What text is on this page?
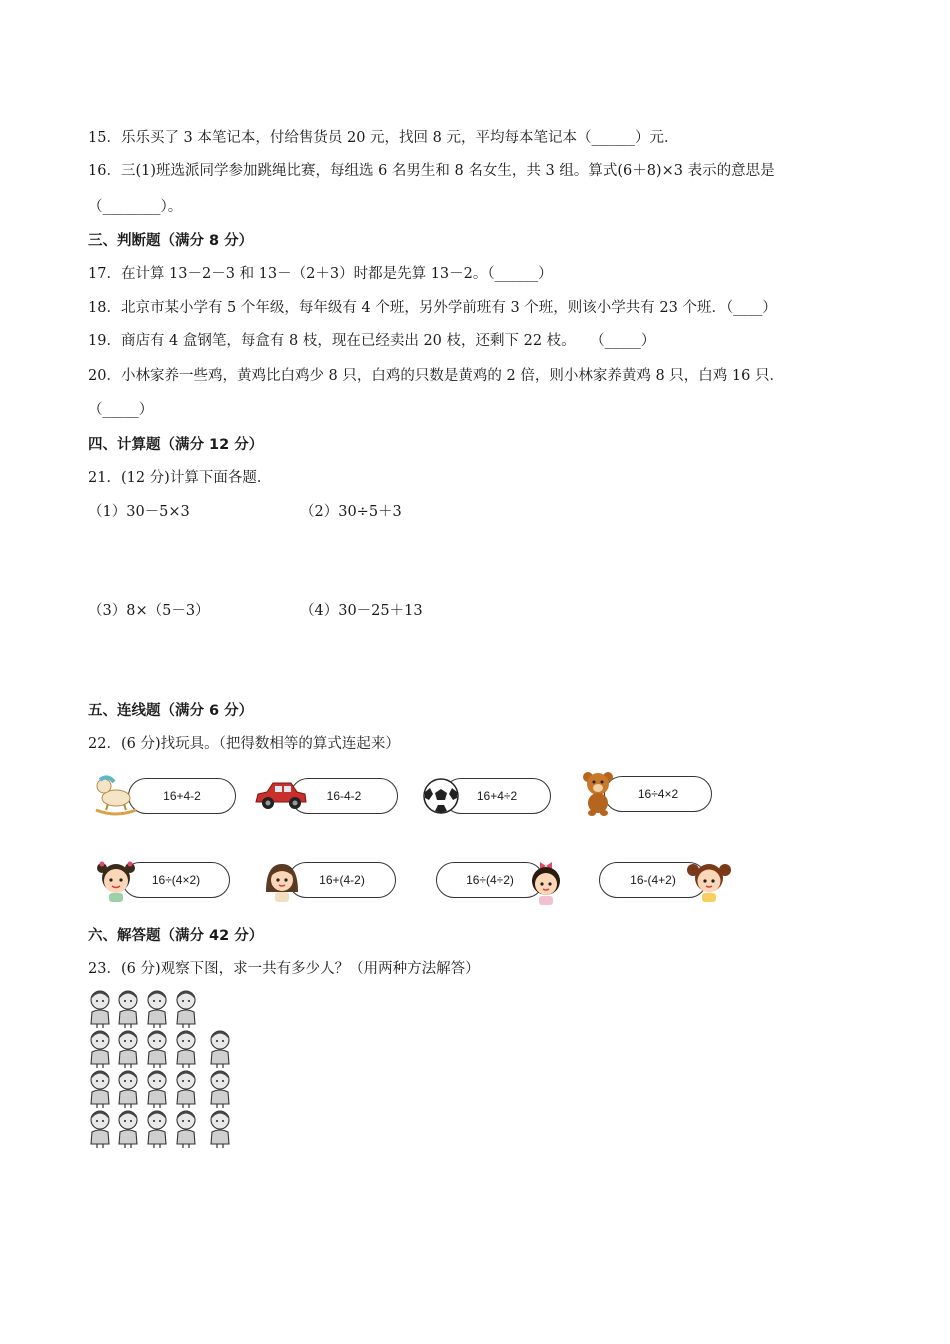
15．乐乐买了 3 本笔记本，付给售货员 20 元，找回 8 元，平均每本笔记本（______）元．
16．三(1)班选派同学参加跳绳比赛，每组选 6 名男生和 8 名女生，共 3 组。算式(6＋8)×3 表示的意思是
（________）。
三、判断题（满分 8 分）
17．在计算 13－2－3 和 13－（2＋3）时都是先算 13－2。（______）
18．北京市某小学有 5 个年级，每年级有 4 个班，另外学前班有 3 个班，则该小学共有 23 个班．（____）
19．商店有 4 盒钢笔，每盒有 8 枝，现在已经卖出 20 枝，还剩下 22 枝。　　（_____）
20．小林家养一些鸡，黄鸡比白鸡少 8 只，白鸡的只数是黄鸡的 2 倍，则小林家养黄鸡 8 只，白鸡 16 只．
（_____）
四、计算题（满分 12 分）
21．(12 分)计算下面各题．
（1）30－5×3	（2）30÷5＋3
（3）8×（5－3）	（4）30－25＋13
五、连线题（满分 6 分）
22．(6 分)找玩具。（把得数相等的算式连起来）
16+4-2	16-4-2	16+4÷2	16÷4×2
16÷(4×2)	16+(4-2)	16÷(4÷2)	16-(4+2)
六、解答题（满分 42 分）
23．(6 分)观察下图，求一共有多少人？（用两种方法解答）
